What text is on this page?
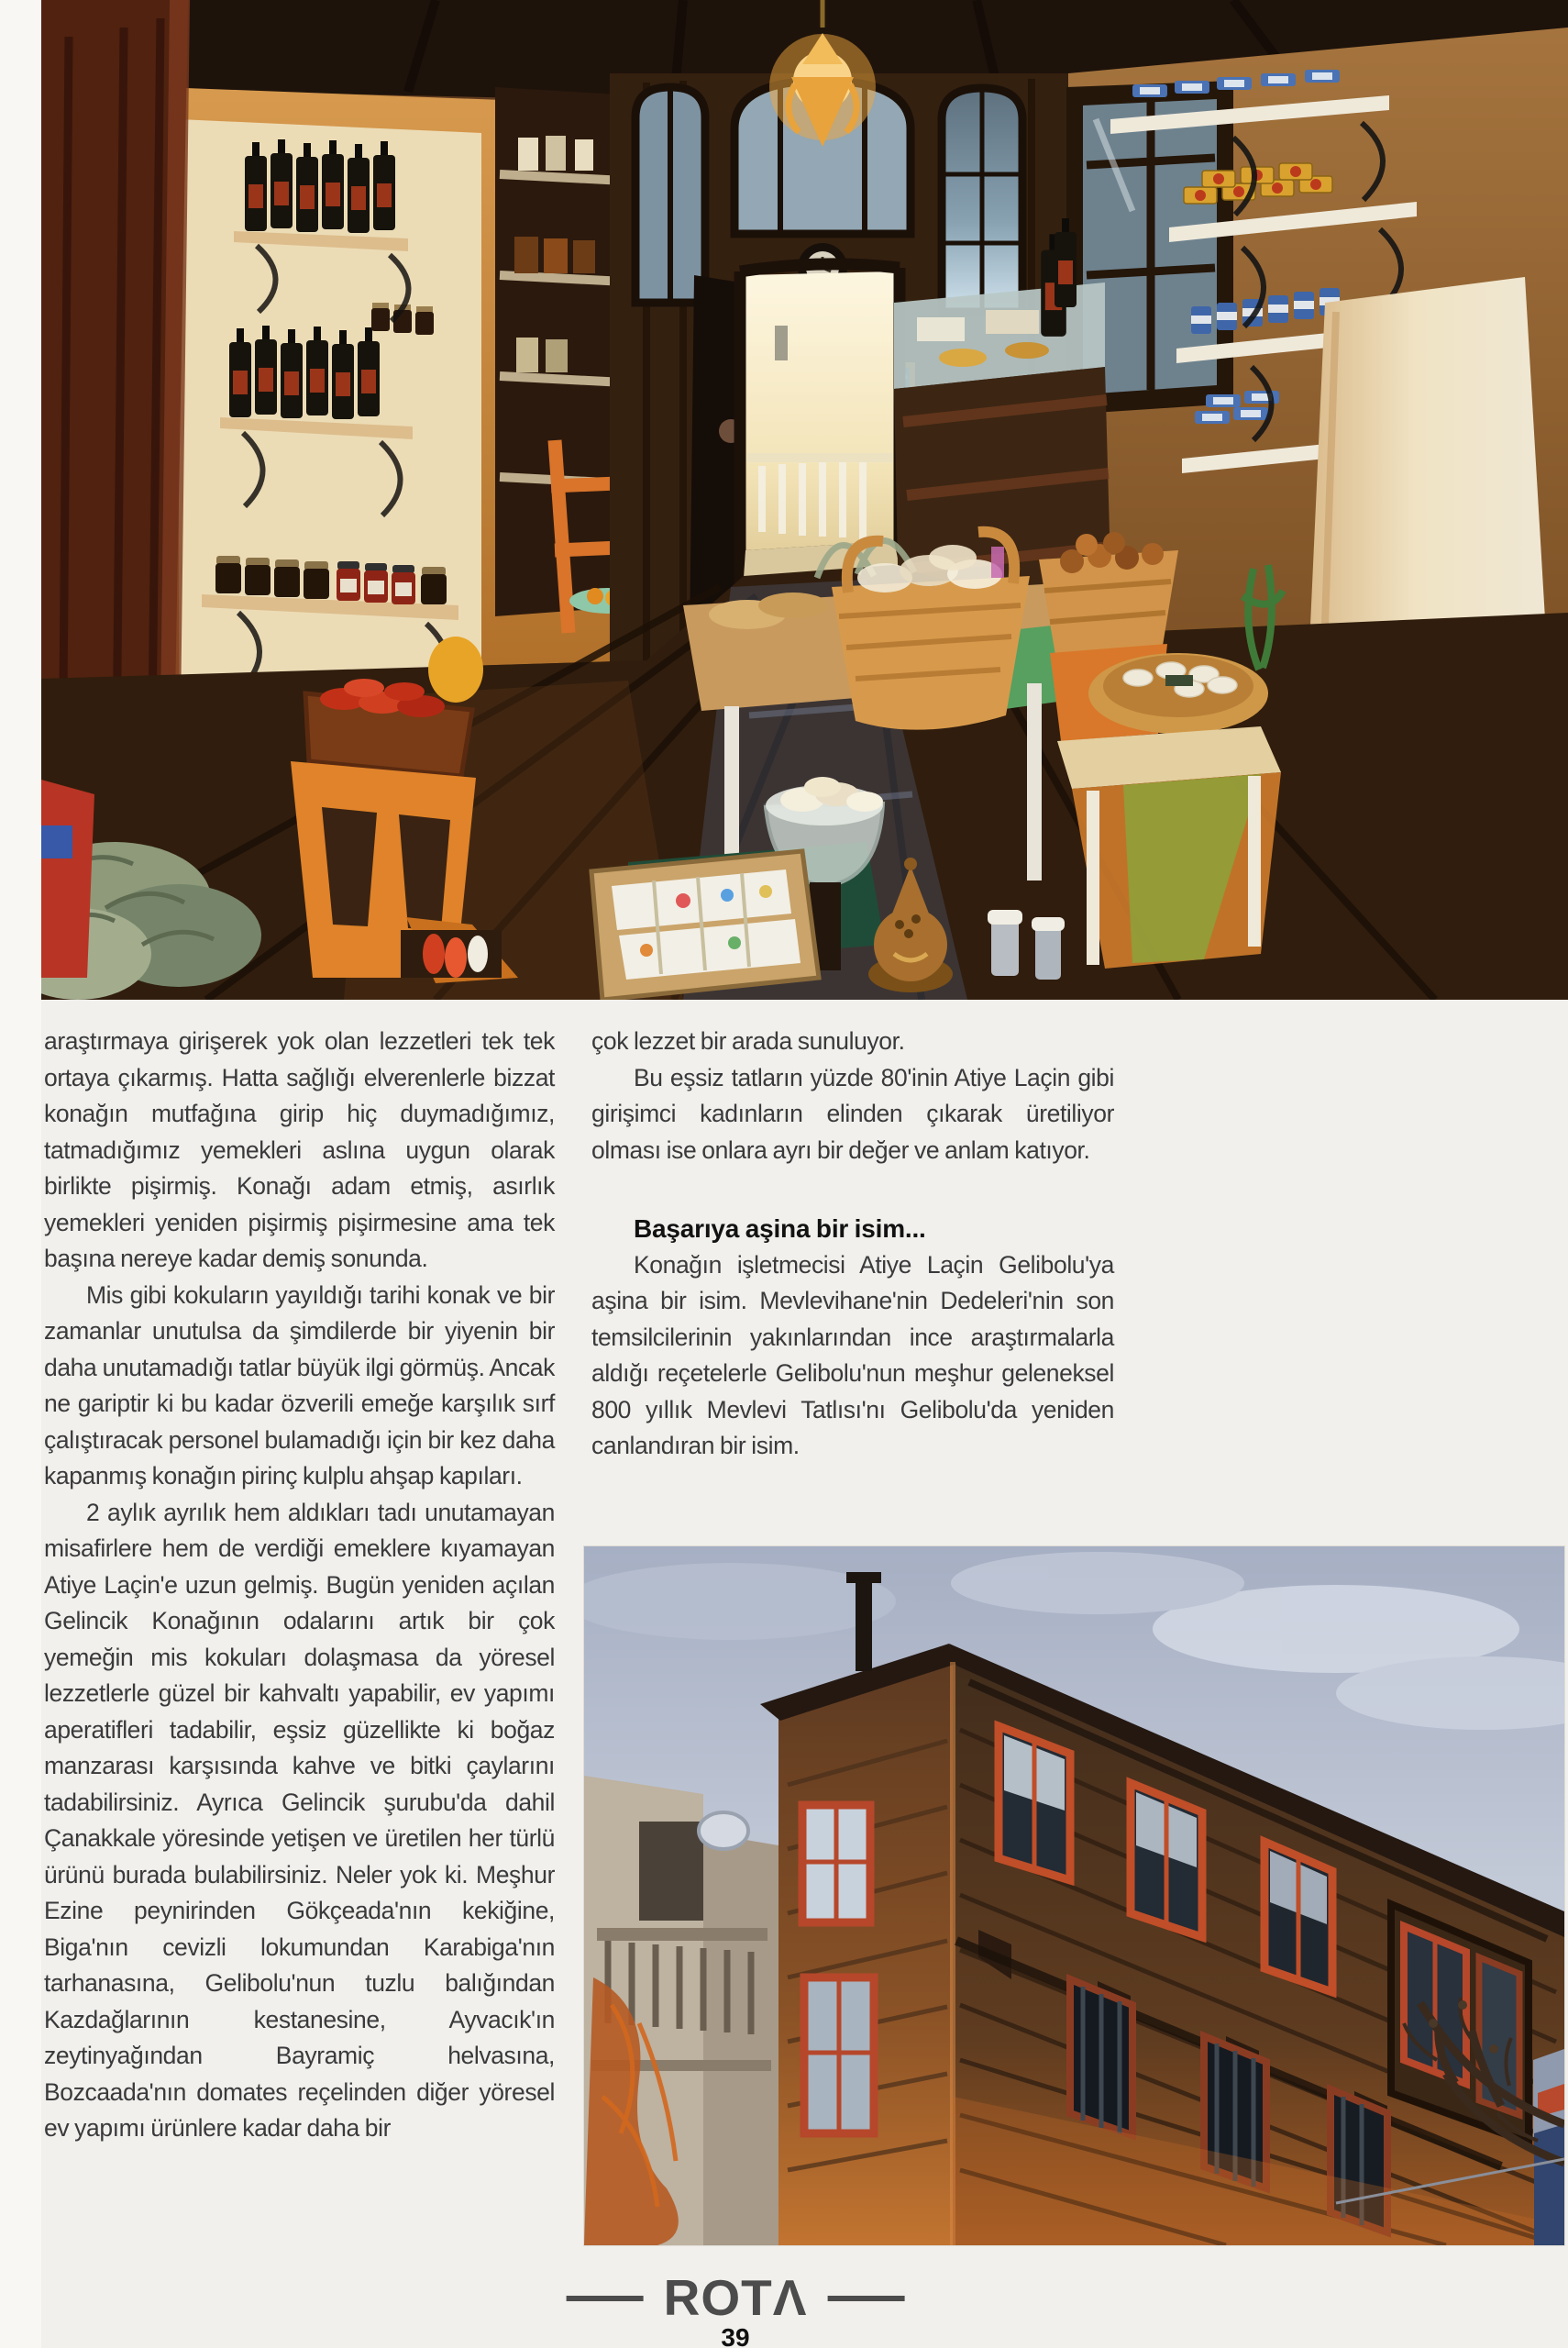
araştırmaya girişerek yok olan lezzetleri tek tek ortaya çıkarmış. Hatta sağlığı elverenlerle bizzat konağın mutfağına girip hiç duymadığımız, tatmadığımız yemekleri aslına uygun olarak birlikte pişirmiş. Konağı adam etmiş, asırlık yemekleri yeniden pişirmiş pişirmesine ama tek başına nereye kadar demiş sonunda.

Mis gibi kokuların yayıldığı tarihi konak ve bir zamanlar unutulsa da şimdilerde bir yiyenin bir daha unutamadığı tatlar büyük ilgi görmüş. Ancak ne gariptir ki bu kadar özverili emeğe karşılık sırf çalıştıracak personel bulamadığı için bir kez daha kapanmış konağın pirinç kulplu ahşap kapıları.

2 aylık ayrılık hem aldıkları tadı unutamayan misafirlere hem de verdiği emeklere kıyamayan Atiye Laçin'e uzun gelmiş. Bugün yeniden açılan Gelincik Konağının odalarını artık bir çok yemeğin mis kokuları dolaşmasa da yöresel lezzetlerle güzel bir kahvaltı yapabilir, ev yapımı aperatifleri tadabilir, eşsiz güzellikte ki boğaz manzarası karşısında kahve ve bitki çaylarını tadabilirsiniz. Ayrıca Gelincik şurubu'da dahil Çanakkale yöresinde yetişen ve üretilen her türlü ürünü burada bulabilirsiniz. Neler yok ki. Meşhur Ezine peynirinden Gökçeada'nın kekiğine, Biga'nın cevizli lokumundan Karabiga'nın tarhanasına, Gelibolu'nun tuzlu balığından Kazdağlarının kestanesine, Ayvacık'ın zeytinyağından Bayramiç helvasına, Bozcaada'nın domates reçelinden diğer yöresel ev yapımı ürünlere kadar daha bir

çok lezzet bir arada sunuluyor.

Bu eşsiz tatların yüzde 80'inin Atiye Laçin gibi girişimci kadınların elinden çıkarak üretiliyor olması ise onlara ayrı bir değer ve anlam katıyor.

Başarıya aşina bir isim...

Konağın işletmecisi Atiye Laçin Gelibolu'ya aşina bir isim. Mevlevihane'nin Dedeleri'nin son temsilcilerinin yakınlarından ince araştırmalarla aldığı reçetelerle Gelibolu'nun meşhur geleneksel 800 yıllık Mevlevi Tatlısı'nı Gelibolu'da yeniden canlandıran bir isim.

ROTΛ
39
